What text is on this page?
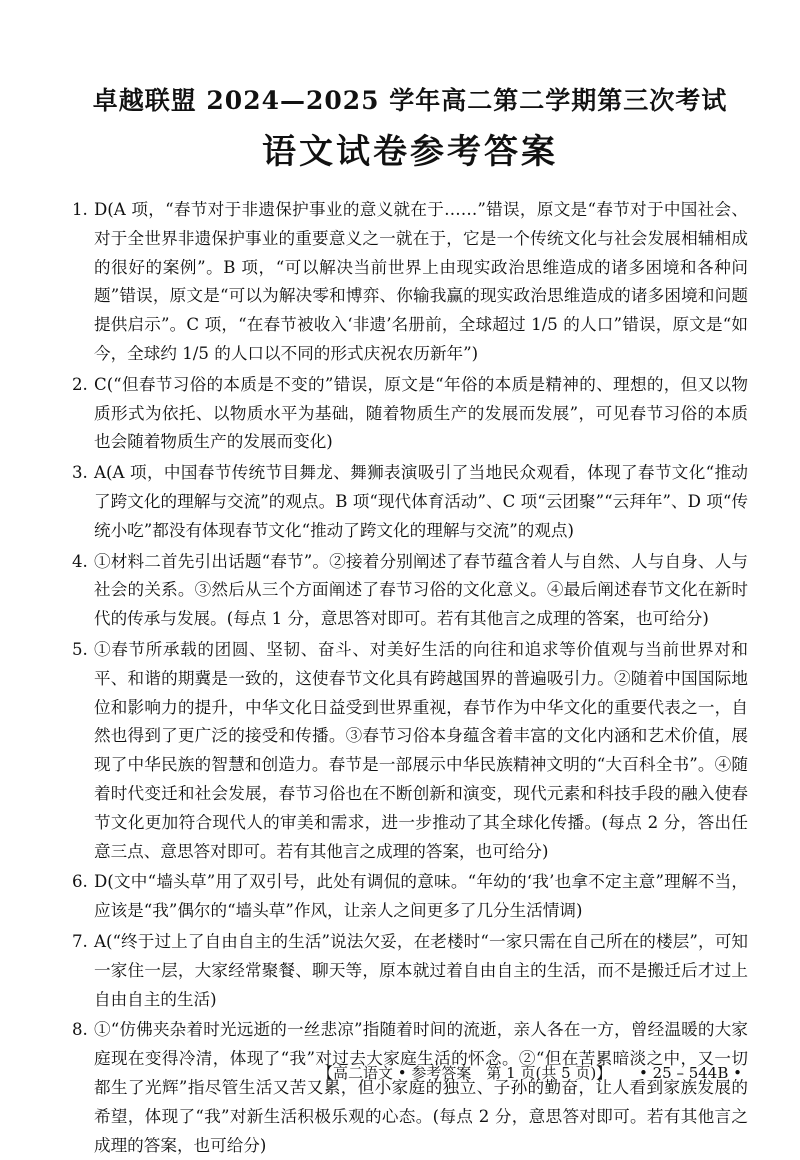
卓越联盟 2024—2025 学年高二第二学期第三次考试
语文试卷参考答案
1. D(A 项，“春节对于非遗保护事业的意义就在于……”错误，原文是“春节对于中国社会、对于全世界非遗保护事业的重要意义之一就在于，它是一个传统文化与社会发展相辅相成的很好的案例”。B 项，“可以解决当前世界上由现实政治思维造成的诸多困境和各种问题”错误，原文是“可以为解决零和博弈、你输我赢的现实政治思维造成的诸多困境和问题提供启示”。C 项，“在春节被收入‘非遗’名册前，全球超过 1/5 的人口”错误，原文是“如今，全球约 1/5 的人口以不同的形式庆祝农历新年”)
2. C(“但春节习俗的本质是不变的”错误，原文是“年俗的本质是精神的、理想的，但又以物质形式为依托、以物质水平为基础，随着物质生产的发展而发展”，可见春节习俗的本质也会随着物质生产的发展而变化)
3. A(A 项，中国春节传统节目舞龙、舞狮表演吸引了当地民众观看，体现了春节文化“推动了跨文化的理解与交流”的观点。B 项“现代体育活动”、C 项“云团聚”“云拜年”、D 项“传统小吃”都没有体现春节文化“推动了跨文化的理解与交流”的观点)
4. ①材料二首先引出话题“春节”。②接着分别阐述了春节蕴含着人与自然、人与自身、人与社会的关系。③然后从三个方面阐述了春节习俗的文化意义。④最后阐述春节文化在新时代的传承与发展。(每点 1 分，意思答对即可。若有其他言之成理的答案，也可给分)
5. ①春节所承载的团圆、坚韧、奋斗、对美好生活的向往和追求等价值观与当前世界对和平、和谐的期冀是一致的，这使春节文化具有跨越国界的普遍吸引力。②随着中国国际地位和影响力的提升，中华文化日益受到世界重视，春节作为中华文化的重要代表之一，自然也得到了更广泛的接受和传播。③春节习俗本身蕴含着丰富的文化内涵和艺术价值，展现了中华民族的智慧和创造力。春节是一部展示中华民族精神文明的“大百科全书”。④随着时代变迁和社会发展，春节习俗也在不断创新和演变，现代元素和科技手段的融入使春节文化更加符合现代人的审美和需求，进一步推动了其全球化传播。(每点 2 分，答出任意三点、意思答对即可。若有其他言之成理的答案，也可给分)
6. D(文中“墙头草”用了双引号，此处有调侃的意味。“年幼的‘我’也拿不定主意”理解不当，应该是“我”偶尔的“墙头草”作风，让亲人之间更多了几分生活情调)
7. A(“终于过上了自由自主的生活”说法欠妥，在老楼时“一家只需在自己所在的楼层”，可知一家住一层，大家经常聚餐、聊天等，原本就过着自由自主的生活，而不是搬迁后才过上自由自主的生活)
8. ①“仿佛夹杂着时光远逝的一丝悲凉”指随着时间的流逝，亲人各在一方，曾经温暖的大家庭现在变得冷清，体现了“我”对过去大家庭生活的怀念。②“但在苦累暗淡之中，又一切都生了光辉”指尽管生活又苦又累，但小家庭的独立、子孙的勤奋，让人看到家族发展的希望，体现了“我”对新生活积极乐观的心态。(每点 2 分，意思答对即可。若有其他言之成理的答案，也可给分)
【高二语文 • 参考答案　第 1 页(共 5 页)】 • 25 – 544B •
